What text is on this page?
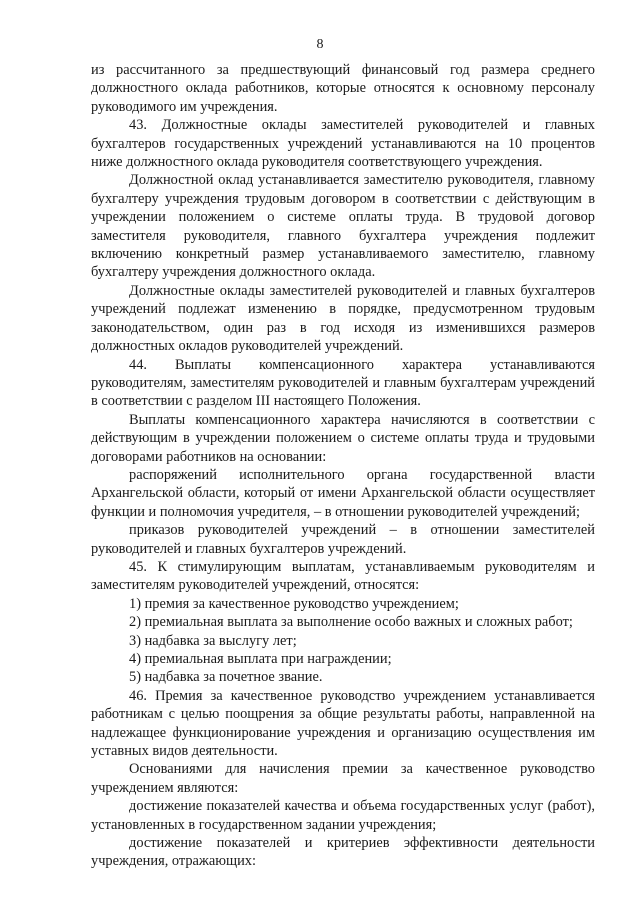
8

из рассчитанного за предшествующий финансовый год размера среднего должностного оклада работников, которые относятся к основному персоналу руководимого им учреждения.

43. Должностные оклады заместителей руководителей и главных бухгалтеров государственных учреждений устанавливаются на 10 процентов ниже должностного оклада руководителя соответствующего учреждения.

Должностной оклад устанавливается заместителю руководителя, главному бухгалтеру учреждения трудовым договором в соответствии с действующим в учреждении положением о системе оплаты труда. В трудовой договор заместителя руководителя, главного бухгалтера учреждения подлежит включению конкретный размер устанавливаемого заместителю, главному бухгалтеру учреждения должностного оклада.

Должностные оклады заместителей руководителей и главных бухгалтеров учреждений подлежат изменению в порядке, предусмотренном трудовым законодательством, один раз в год исходя из изменившихся размеров должностных окладов руководителей учреждений.

44. Выплаты компенсационного характера устанавливаются руководителям, заместителям руководителей и главным бухгалтерам учреждений в соответствии с разделом III настоящего Положения.

Выплаты компенсационного характера начисляются в соответствии с действующим в учреждении положением о системе оплаты труда и трудовыми договорами работников на основании:

распоряжений исполнительного органа государственной власти Архангельской области, который от имени Архангельской области осуществляет функции и полномочия учредителя, – в отношении руководителей учреждений;

приказов руководителей учреждений – в отношении заместителей руководителей и главных бухгалтеров учреждений.

45. К стимулирующим выплатам, устанавливаемым руководителям и заместителям руководителей учреждений, относятся:

1) премия за качественное руководство учреждением;

2) премиальная выплата за выполнение особо важных и сложных работ;

3) надбавка за выслугу лет;

4) премиальная выплата при награждении;

5) надбавка за почетное звание.

46. Премия за качественное руководство учреждением устанавливается работникам с целью поощрения за общие результаты работы, направленной на надлежащее функционирование учреждения и организацию осуществления им уставных видов деятельности.

Основаниями для начисления премии за качественное руководство учреждением являются:

достижение показателей качества и объема государственных услуг (работ), установленных в государственном задании учреждения;

достижение показателей и критериев эффективности деятельности учреждения, отражающих:
